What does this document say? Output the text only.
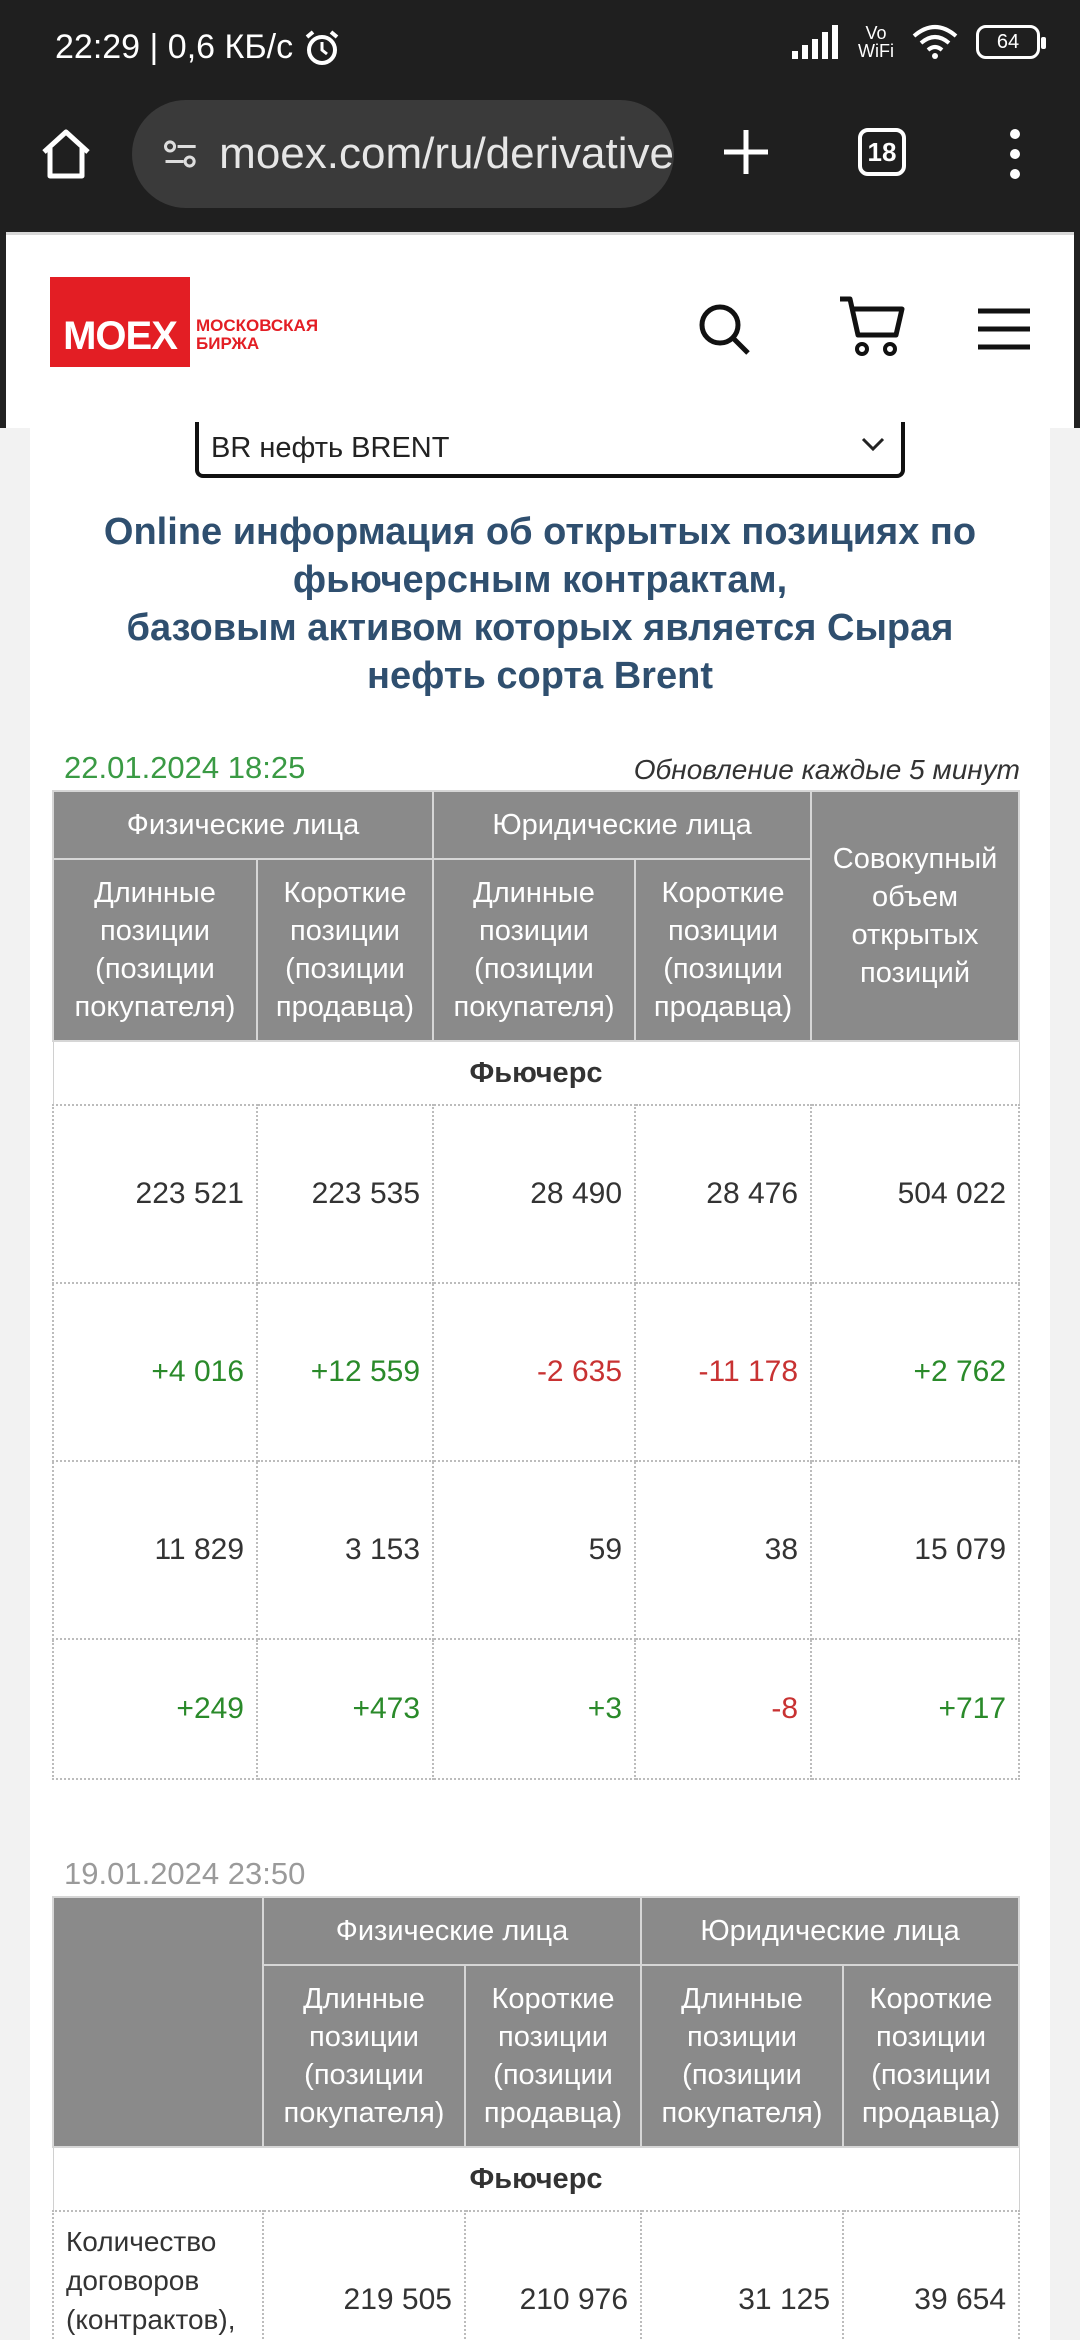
22:29 | 0,6 КБ/с	Vo
WiFi	64
moex.com/ru/derivative	18
MOEX МОСКОВСКАЯ
БИРЖА
BR нефть BRENT
Online информация об открытых позициях по
фьючерсным контрактам,
базовым активом которых является Сырая
нефть сорта Brent
22.01.2024 18:25	Обновление каждые 5 минут
Физические лица		Юридические лица		Совокупный объем открытых позиций
Длинные позиции (позиции покупателя)	Короткие позиции (позиции продавца)	Длинные позиции (позиции покупателя)	Короткие позиции (позиции продавца)	
Фьючерс				
223 521	223 535	28 490	28 476	504 022
+4 016	+12 559	-2 635	-11 178	+2 762
11 829	3 153	59	38	15 079
+249	+473	+3	-8	+717
19.01.2024 23:50
	Физические лица		Юридические лица	
	Длинные позиции (позиции покупателя)	Короткие позиции (позиции продавца)	Длинные позиции (позиции покупателя)	Короткие позиции (позиции продавца)
Фьючерс				
Количество договоров (контрактов),	219 505	210 976	31 125	39 654
